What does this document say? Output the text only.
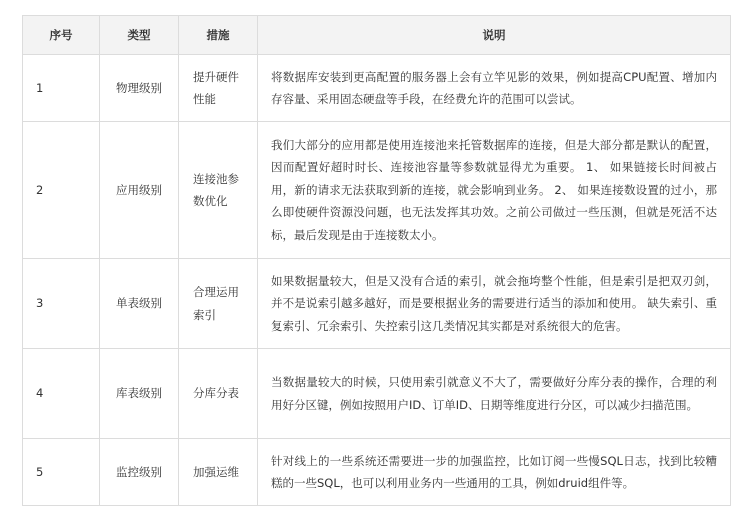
序号	类型	措施	说明
1	物理级别	提升硬件性能	将数据库安装到更高配置的服务器上会有立竿见影的效果，例如提高CPU配置、增加内存容量、采用固态硬盘等手段，在经费允许的范围可以尝试。
2	应用级别	连接池参数优化	我们大部分的应用都是使用连接池来托管数据库的连接，但是大部分都是默认的配置，因而配置好超时时长、连接池容量等参数就显得尤为重要。 1、 如果链接长时间被占用，新的请求无法获取到新的连接，就会影响到业务。 2、 如果连接数设置的过小，那么即使硬件资源没问题，也无法发挥其功效。之前公司做过一些压测，但就是死活不达标，最后发现是由于连接数太小。
3	单表级别	合理运用索引	如果数据量较大，但是又没有合适的索引，就会拖垮整个性能，但是索引是把双刃剑，并不是说索引越多越好，而是要根据业务的需要进行适当的添加和使用。 缺失索引、重复索引、冗余索引、失控索引这几类情况其实都是对系统很大的危害。
4	库表级别	分库分表	当数据量较大的时候，只使用索引就意义不大了，需要做好分库分表的操作，合理的利用好分区键，例如按照用户ID、订单ID、日期等维度进行分区，可以减少扫描范围。
5	监控级别	加强运维	针对线上的一些系统还需要进一步的加强监控，比如订阅一些慢SQL日志，找到比较糟糕的一些SQL，也可以利用业务内一些通用的工具，例如druid组件等。
